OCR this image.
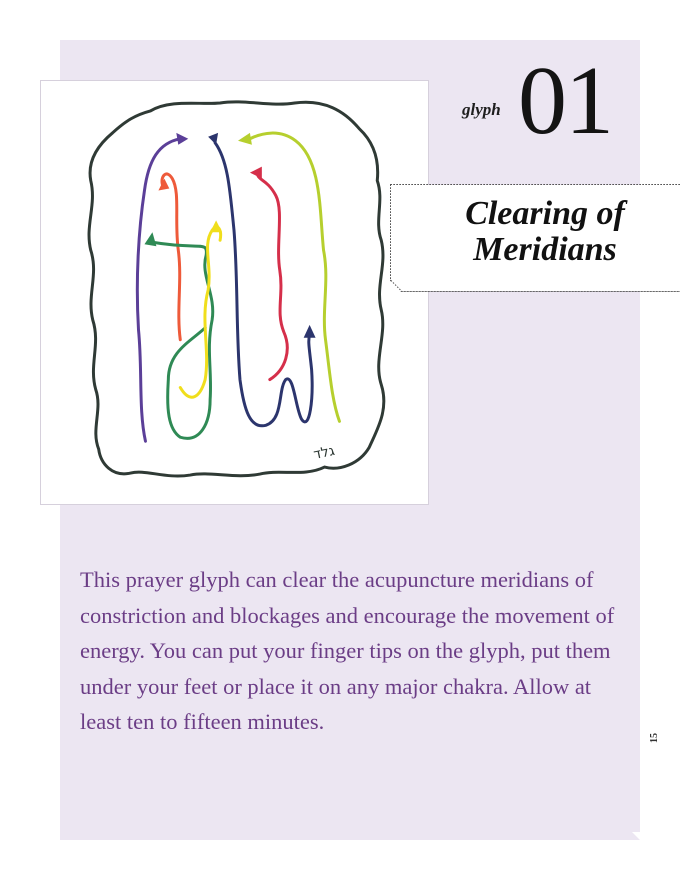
גלד
glyph 01
Clearing of
Meridians

This prayer glyph can clear the acupuncture meridians of constriction and blockages and encourage the movement of energy. You can put your finger tips on the glyph, put them under your feet or place it on any major chakra. Allow at least ten to fifteen minutes.

15
